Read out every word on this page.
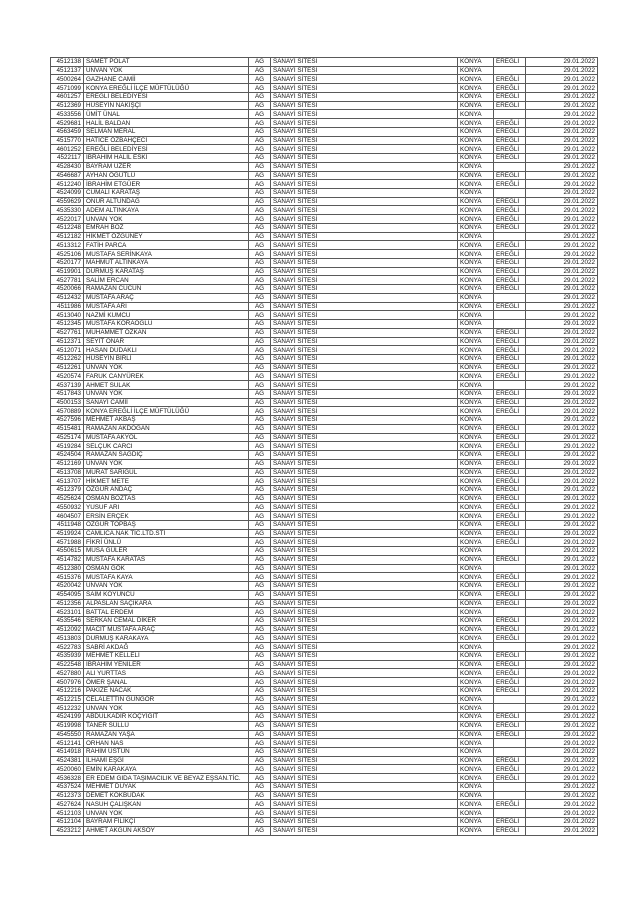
4512138	SAMET POLAT	AG	SANAYİ SİTESİ	KONYA	EREĞLİ	29.01.2022
4512137	UNVAN YOK	AG	SANAYİ SİTESİ	KONYA		29.01.2022
4500264	GAZHANE CAMİİ	AG	SANAYİ SİTESİ	KONYA	EREĞLİ	29.01.2022
4571099	KONYA EREĞLİ İLÇE MÜFTÜLÜĞÜ	AG	SANAYİ SİTESİ	KONYA	EREĞLİ	29.01.2022
4601257	EREĞLİ BELEDİYESİ	AG	SANAYİ SİTESİ	KONYA	EREĞLİ	29.01.2022
4512369	HÜSEYİN NAKİŞÇİ	AG	SANAYİ SİTESİ	KONYA	EREĞLİ	29.01.2022
4533556	ÜMİT ÜNAL	AG	SANAYİ SİTESİ	KONYA		29.01.2022
4529681	HALİL BALDAN	AG	SANAYİ SİTESİ	KONYA	EREĞLİ	29.01.2022
4563459	SELMAN MERAL	AG	SANAYİ SİTESİ	KONYA	EREĞLİ	29.01.2022
4515770	HATİCE ÖZBAHÇECİ	AG	SANAYİ SİTESİ	KONYA	EREĞLİ	29.01.2022
4601252	EREĞLİ BELEDİYESİ	AG	SANAYİ SİTESİ	KONYA	EREĞLİ	29.01.2022
4522117	İBRAHİM HALİL ESKİ	AG	SANAYİ SİTESİ	KONYA	EREĞLİ	29.01.2022
4528430	BAYRAM ÜZER	AG	SANAYİ SİTESİ	KONYA		29.01.2022
4546687	AYHAN ÖĞÜTLÜ	AG	SANAYİ SİTESİ	KONYA	EREĞLİ	29.01.2022
4512240	İBRAHİM ETGÜER	AG	SANAYİ SİTESİ	KONYA	EREĞLİ	29.01.2022
4524099	CUMALİ KARATAŞ	AG	SANAYİ SİTESİ	KONYA		29.01.2022
4559629	ONUR ALTUNDAĞ	AG	SANAYİ SİTESİ	KONYA	EREĞLİ	29.01.2022
4535330	ADEM ALTINKAYA	AG	SANAYİ SİTESİ	KONYA	EREĞLİ	29.01.2022
4522017	UNVAN YOK	AG	SANAYİ SİTESİ	KONYA	EREĞLİ	29.01.2022
4512248	EMRAH BOZ	AG	SANAYİ SİTESİ	KONYA	EREĞLİ	29.01.2022
4512182	HİKMET ÖZGÜNEY	AG	SANAYİ SİTESİ	KONYA		29.01.2022
4513312	FATİH PARCA	AG	SANAYİ SİTESİ	KONYA	EREĞLİ	29.01.2022
4525106	MUSTAFA SERİNKAYA	AG	SANAYİ SİTESİ	KONYA	EREĞLİ	29.01.2022
4520177	MAHMUT ALTINKAYA	AG	SANAYİ SİTESİ	KONYA	EREĞLİ	29.01.2022
4519901	DURMUŞ KARATAŞ	AG	SANAYİ SİTESİ	KONYA	EREĞLİ	29.01.2022
4527781	SALİM ERCAN	AG	SANAYİ SİTESİ	KONYA	EREĞLİ	29.01.2022
4520066	RAMAZAN CUCUN	AG	SANAYİ SİTESİ	KONYA	EREĞLİ	29.01.2022
4512432	MUSTAFA ARAÇ	AG	SANAYİ SİTESİ	KONYA		29.01.2022
4511986	MUSTAFA ARI	AG	SANAYİ SİTESİ	KONYA	EREĞLİ	29.01.2022
4513040	NAZMİ KUMCU	AG	SANAYİ SİTESİ	KONYA		29.01.2022
4512345	MUSTAFA KORAOĞLU	AG	SANAYİ SİTESİ	KONYA		29.01.2022
4527761	MUHAMMET ÖZKAN	AG	SANAYİ SİTESİ	KONYA	EREĞLİ	29.01.2022
4512371	SEYİT ONAR	AG	SANAYİ SİTESİ	KONYA	EREĞLİ	29.01.2022
4512071	HASAN DUDAKLI	AG	SANAYİ SİTESİ	KONYA	EREĞLİ	29.01.2022
4512262	HÜSEYİN BİRLİ	AG	SANAYİ SİTESİ	KONYA	EREĞLİ	29.01.2022
4512261	UNVAN YOK	AG	SANAYİ SİTESİ	KONYA	EREĞLİ	29.01.2022
4520574	FARUK CANYÜREK	AG	SANAYİ SİTESİ	KONYA	EREĞLİ	29.01.2022
4537139	AHMET SULAK	AG	SANAYİ SİTESİ	KONYA		29.01.2022
4517843	UNVAN YOK	AG	SANAYİ SİTESİ	KONYA	EREĞLİ	29.01.2022
4500153	SANAYİ CAMİİ	AG	SANAYİ SİTESİ	KONYA	EREĞLİ	29.01.2022
4570889	KONYA EREĞLİ İLÇE MÜFTÜLÜĞÜ	AG	SANAYİ SİTESİ	KONYA	EREĞLİ	29.01.2022
4527596	MEHMET AKBAŞ	AG	SANAYİ SİTESİ	KONYA		29.01.2022
4515481	RAMAZAN AKDOĞAN	AG	SANAYİ SİTESİ	KONYA	EREĞLİ	29.01.2022
4525174	MUSTAFA AKYOL	AG	SANAYİ SİTESİ	KONYA	EREĞLİ	29.01.2022
4519284	SELÇUK CARCI	AG	SANAYİ SİTESİ	KONYA	EREĞLİ	29.01.2022
4524504	RAMAZAN SAGDIÇ	AG	SANAYİ SİTESİ	KONYA	EREĞLİ	29.01.2022
4512169	UNVAN YOK	AG	SANAYİ SİTESİ	KONYA	EREĞLİ	29.01.2022
4513708	MURAT SARIGÜL	AG	SANAYİ SİTESİ	KONYA	EREĞLİ	29.01.2022
4513707	HİKMET METE	AG	SANAYİ SİTESİ	KONYA	EREĞLİ	29.01.2022
4512379	ÖZGÜR ANDAÇ	AG	SANAYİ SİTESİ	KONYA	EREĞLİ	29.01.2022
4525624	OSMAN BOZTAS	AG	SANAYİ SİTESİ	KONYA	EREĞLİ	29.01.2022
4550932	YUSUF ARI	AG	SANAYİ SİTESİ	KONYA	EREĞLİ	29.01.2022
4604507	ERSİN ERÇEK	AG	SANAYİ SİTESİ	KONYA	EREĞLİ	29.01.2022
4511948	ÖZGÜR TOPBAŞ	AG	SANAYİ SİTESİ	KONYA	EREĞLİ	29.01.2022
4519924	CAMLICA.NAK TİC.LTD.STİ	AG	SANAYİ SİTESİ	KONYA	EREĞLİ	29.01.2022
4571988	FİKRİ ÜNLÜ	AG	SANAYİ SİTESİ	KONYA	EREĞLİ	29.01.2022
4550615	MUSA GÜLER	AG	SANAYİ SİTESİ	KONYA		29.01.2022
4514782	MUSTAFA KARATAS	AG	SANAYİ SİTESİ	KONYA	EREĞLİ	29.01.2022
4512380	OSMAN GÖK	AG	SANAYİ SİTESİ	KONYA		29.01.2022
4515376	MUSTAFA KAYA	AG	SANAYİ SİTESİ	KONYA	EREĞLİ	29.01.2022
4520042	UNVAN YOK	AG	SANAYİ SİTESİ	KONYA	EREĞLİ	29.01.2022
4554095	SAİM KOYUNCU	AG	SANAYİ SİTESİ	KONYA	EREĞLİ	29.01.2022
4512356	ALPASLAN SAÇIKARA	AG	SANAYİ SİTESİ	KONYA	EREĞLİ	29.01.2022
4523101	BATTAL ERDEM	AG	SANAYİ SİTESİ	KONYA		29.01.2022
4535546	SERKAN CEMAL DİKER	AG	SANAYİ SİTESİ	KONYA	EREĞLİ	29.01.2022
4512092	MACİT MUSTAFA ARAÇ	AG	SANAYİ SİTESİ	KONYA	EREĞLİ	29.01.2022
4513803	DURMUŞ KARAKAYA	AG	SANAYİ SİTESİ	KONYA	EREĞLİ	29.01.2022
4522783	SABRİ AKDAĞ	AG	SANAYİ SİTESİ	KONYA		29.01.2022
4535939	MEHMET KELLELİ	AG	SANAYİ SİTESİ	KONYA	EREĞLİ	29.01.2022
4522548	İBRAHİM YENİLER	AG	SANAYİ SİTESİ	KONYA	EREĞLİ	29.01.2022
4527880	ALI YURTTAS	AG	SANAYİ SİTESİ	KONYA	EREĞLİ	29.01.2022
4507976	ÖMER ŞANAL	AG	SANAYİ SİTESİ	KONYA	EREĞLİ	29.01.2022
4512216	PAKİZE NACAK	AG	SANAYİ SİTESİ	KONYA	EREĞLİ	29.01.2022
4512215	CELALETTIN GUNGOR	AG	SANAYİ SİTESİ	KONYA		29.01.2022
4512232	UNVAN YOK	AG	SANAYİ SİTESİ	KONYA		29.01.2022
4524199	ABDULKADİR KOÇYİĞİT	AG	SANAYİ SİTESİ	KONYA	EREĞLİ	29.01.2022
4519998	TANER SÜLLÜ	AG	SANAYİ SİTESİ	KONYA	EREĞLİ	29.01.2022
4545550	RAMAZAN YAŞA	AG	SANAYİ SİTESİ	KONYA	EREĞLİ	29.01.2022
4512141	ORHAN NAS	AG	SANAYİ SİTESİ	KONYA		29.01.2022
4514918	RAHİM ÜSTÜN	AG	SANAYİ SİTESİ	KONYA		29.01.2022
4524381	İLHAMİ EŞGİ	AG	SANAYİ SİTESİ	KONYA	EREĞLİ	29.01.2022
4520060	EMİN KARAKAYA	AG	SANAYİ SİTESİ	KONYA	EREĞLİ	29.01.2022
4536328	ER EDEM GIDA TAŞIMACILIK VE BEYAZ EŞSAN.TİC.	AG	SANAYİ SİTESİ	KONYA	EREĞLİ	29.01.2022
4537524	MEHMET DUYAK	AG	SANAYİ SİTESİ	KONYA		29.01.2022
4512373	DEMET KÖKBUDAK	AG	SANAYİ SİTESİ	KONYA		29.01.2022
4527624	NASUH ÇALIŞKAN	AG	SANAYİ SİTESİ	KONYA	EREĞLİ	29.01.2022
4512103	UNVAN YOK	AG	SANAYİ SİTESİ	KONYA		29.01.2022
4512104	BAYRAM FİLİKÇİ	AG	SANAYİ SİTESİ	KONYA	EREĞLİ	29.01.2022
4523212	AHMET AKGÜN AKSOY	AG	SANAYİ SİTESİ	KONYA	EREĞLİ	29.01.2022
